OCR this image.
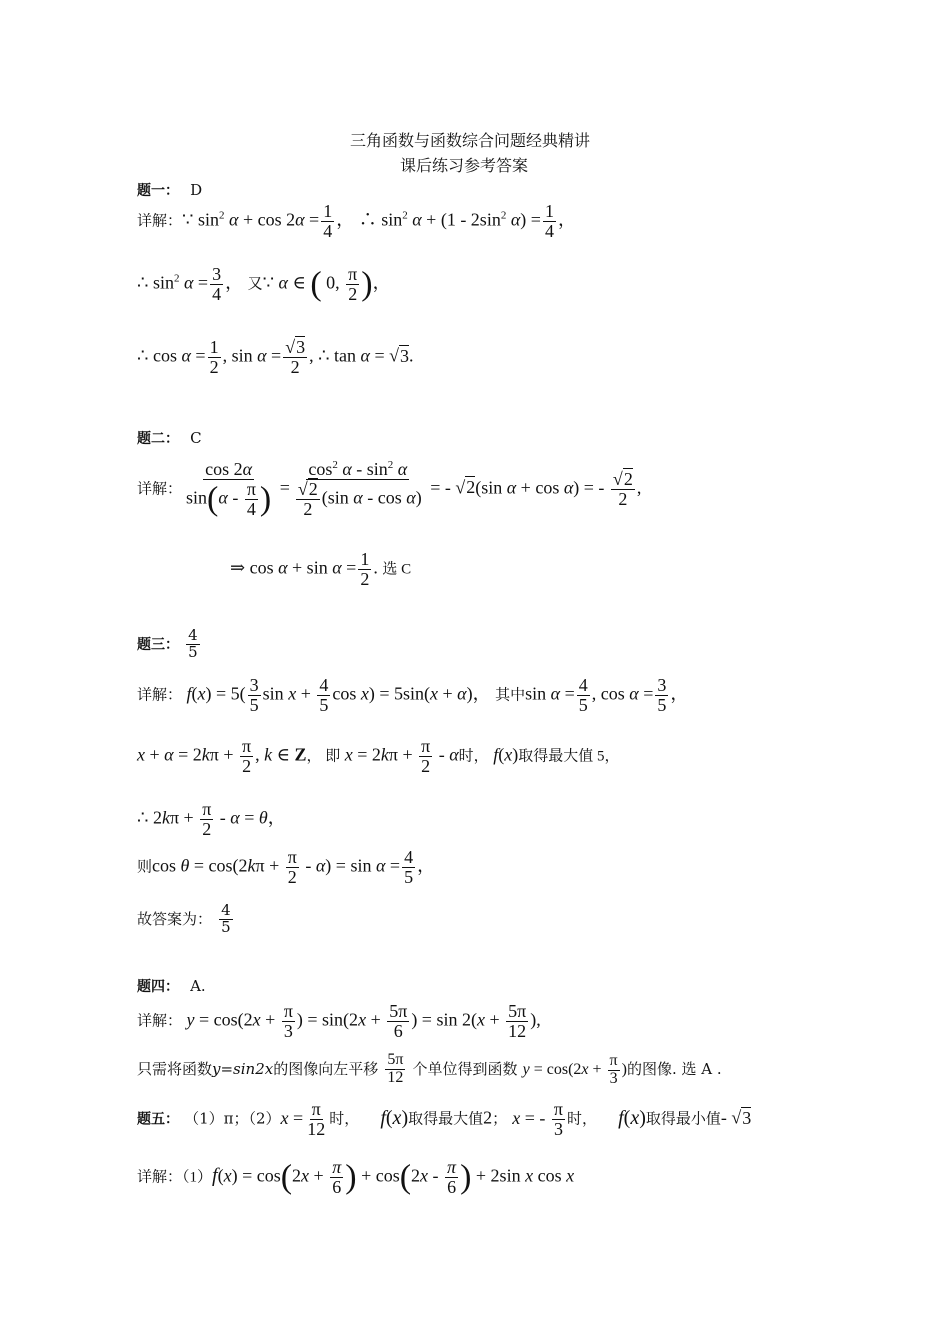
三角函数与函数综合问题经典精讲
课后练习参考答案
题一： D
详解：∵ $\sin^2 \alpha + \cos 2\alpha = \frac{1}{4}$ ， ∴ $\sin^2 \alpha + (1 - 2\sin^2$ $\alpha) = \frac{1}{4}$ ，
∴ $\sin^2 \alpha = \frac{3}{4}$ ， 又∵ α ∈ ( 0, $\frac{\pi}{2}$ )，
∴ $\cos \alpha = \frac{1}{2}$ , $\sin \alpha = \frac{√3}{2}$ , ∴ tan α = √3.
题二： C
详解： $\frac{\cos 2\alpha}{\sin(\alpha - \frac{\pi}{4} )} = \frac{\cos^2 \alpha - \sin^2 \alpha}{\frac{√2}{2} (\sin \alpha - \cos \alpha)}$ = - √2(sin α + cos α) = - $\frac{√2}{2}$ ,
⇒ $\cos \alpha + \sin \alpha = \frac{1}{2}$ . 选 C
题三： $\frac{4}{5}$
详解： $f(x) = 5( \frac{3}{5}$ $\sin x + \frac{4}{5}$ cos x) = 5sin(x + α)， 其中$\sin \alpha = \frac{4}{5}$ , $\cos \alpha = \frac{3}{5}$ ，
$x + \alpha = 2k\pi + \frac{\pi}{2}$ , k ∈ Z， 即 $x = 2k\pi + \frac{\pi}{2} - \alpha$时， f(x)取得最大值 5，
∴ $2k\pi + \frac{\pi}{2} - \alpha = \theta$，
则$\cos \theta = \cos(2k\pi + \frac{\pi}{2} - \alpha) = \sin \alpha = \frac{4}{5}$ ，
故答案为： $\frac{4}{5}$
题四： A.
详解： $y = \cos(2x + \frac{\pi}{3}$ ) = $\sin(2x + \frac{5\pi}{6}$ ) = $\sin 2(x + \frac{5\pi}{12}$ ),
只需将函数y=sin2x的图像向左平移 $\frac{5\pi}{12}$ 个单位得到函数 $y = \cos(2x + \frac{\pi}{3}$ )的图像. 选 A .
题五： （1）π；$(2)x = \frac{\pi}{12}$ 时， f(x)取得最大值2； x = - $\frac{\pi}{3}$ 时， f(x)取得最小值- √3
详解：$(1)f(x) = \cos(2x + \frac{\pi}{6}$ ) + $\cos(2x - \frac{\pi}{6}$ ) + 2sin x cos x
